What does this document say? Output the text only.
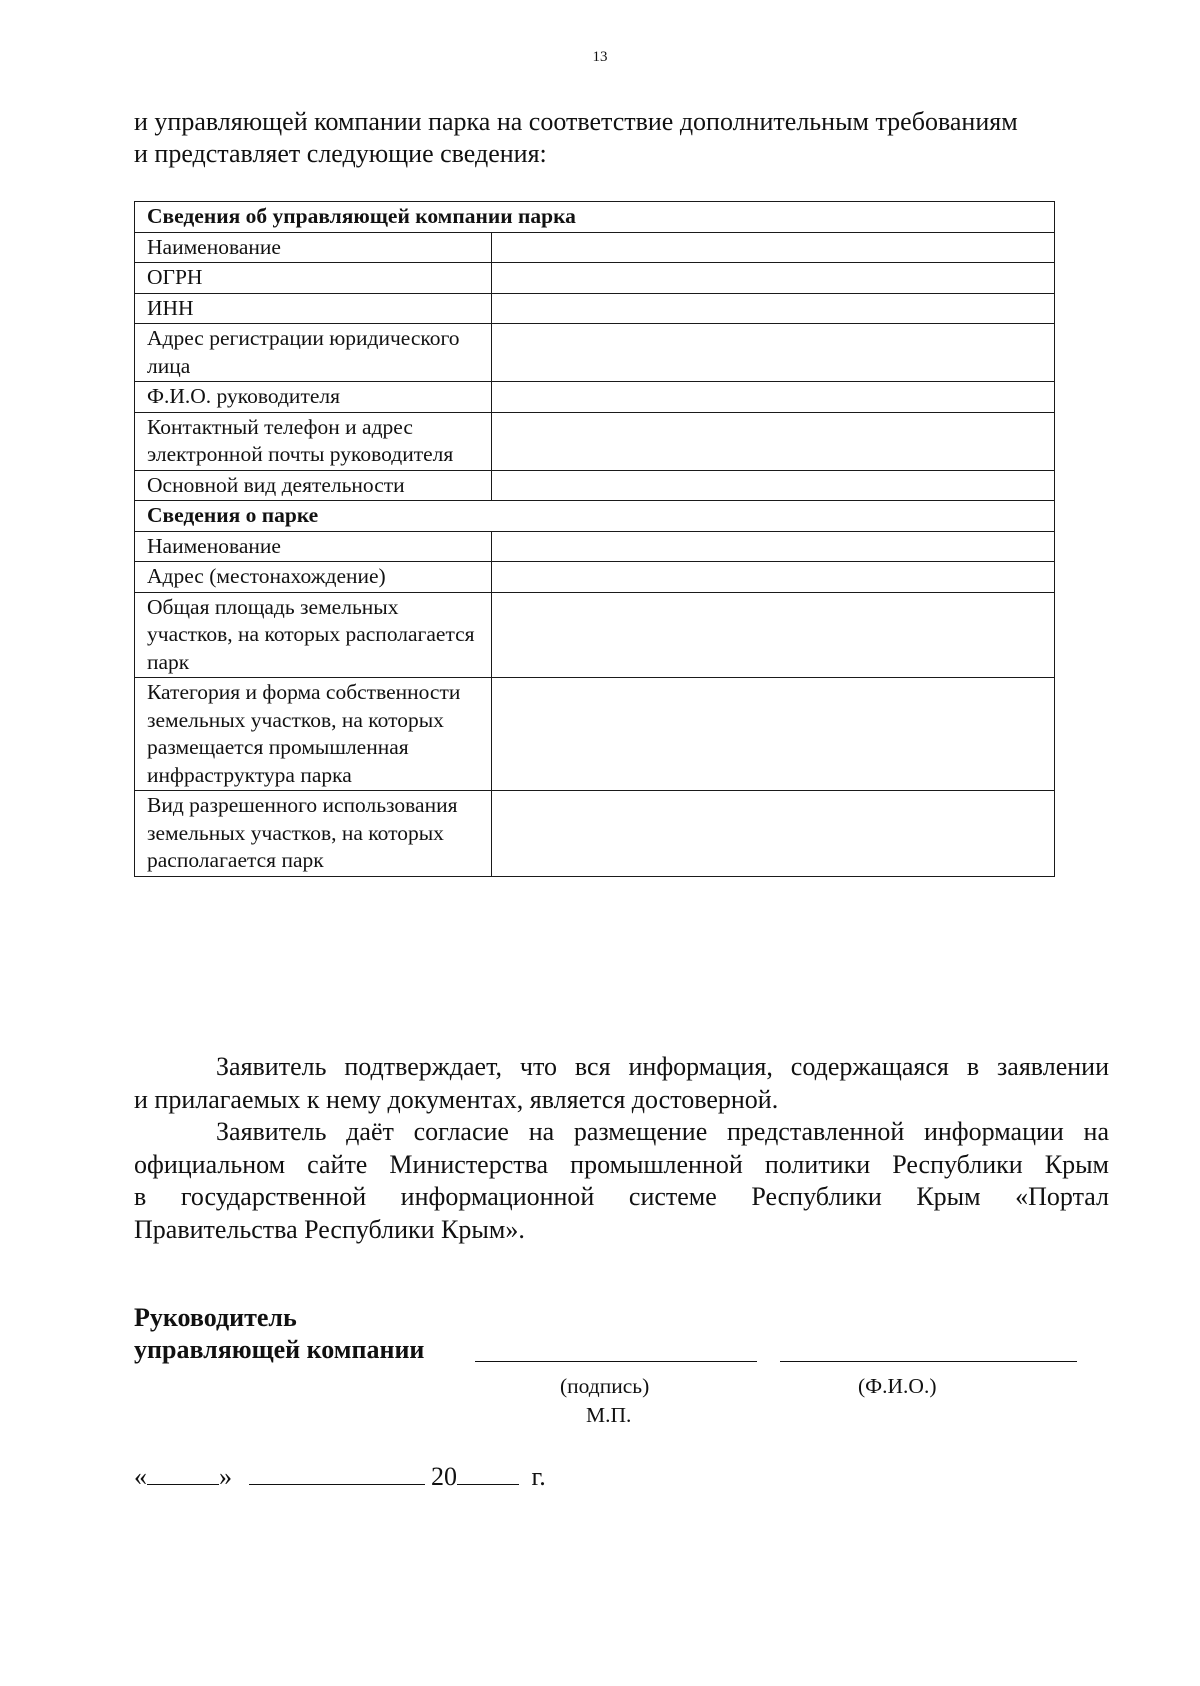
13
и управляющей компании парка на соответствие дополнительным требованиям
и представляет следующие сведения:
Сведения об управляющей компании парка	
Наименование	
ОГРН	
ИНН	
Адрес регистрации юридического лица	
Ф.И.О. руководителя	
Контактный телефон и адрес электронной почты руководителя	
Основной вид деятельности	
Сведения о парке	
Наименование	
Адрес (местонахождение)	
Общая площадь земельных участков, на которых располагается парк	
Категория и форма собственности земельных участков, на которых размещается промышленная инфраструктура парка	
Вид разрешенного использования земельных участков, на которых располагается парк	
Заявитель подтверждает, что вся информация, содержащаяся в заявлении
и прилагаемых к нему документах, является достоверной.
Заявитель даёт согласие на размещение представленной информации на
официальном сайте Министерства промышленной политики Республики Крым
в государственной информационной системе Республики Крым «Портал
Правительства Республики Крым».
Руководитель
управляющей компании
(подпись)	(Ф.И.О.)
М.П.
«	»	20	г.
